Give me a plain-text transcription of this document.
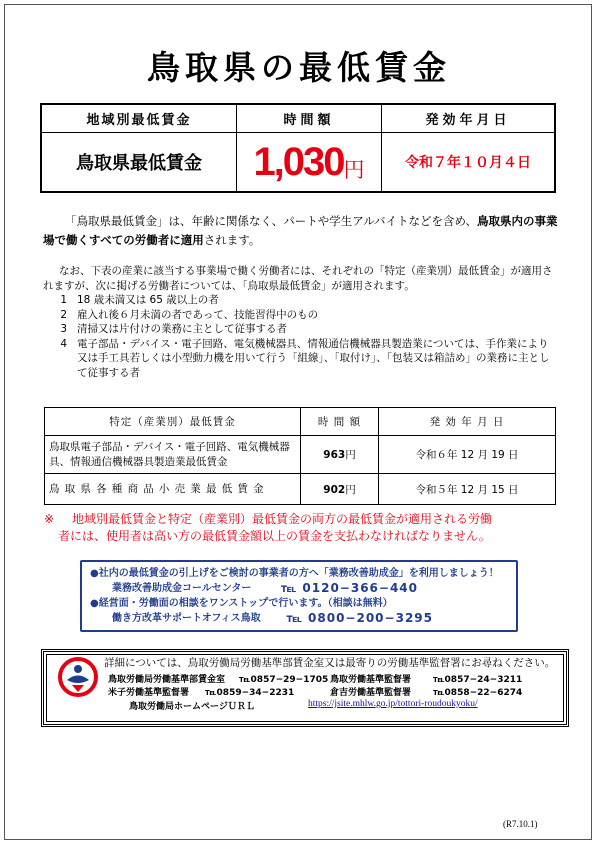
鳥取県の最低賃金
地域別最低賃金	時間額	発効年月日
鳥取県最低賃金	1,030 円	令和７年１０月４日
「鳥取県最低賃金」は、年齢に関係なく、パートや学生アルバイトなどを含め、鳥取県内の事業場で働くすべての労働者に適用されます。
なお、下表の産業に該当する事業場で働く労働者には、それぞれの「特定（産業別）最低賃金」が適用されますが、次に掲げる労働者については、「鳥取県最低賃金」が適用されます。
1 18 歳未満又は 65 歳以上の者
2 雇入れ後６月未満の者であって、技能習得中のもの
3 清掃又は片付けの業務に主として従事する者
4 電子部品・デバイス・電子回路、電気機械器具、情報通信機械器具製造業については、手作業により又は手工具若しくは小型動力機を用いて行う「組線」、「取付け」、「包装又は箱詰め」の業務に主として従事する者
特定（産業別）最低賃金	時 間 額	発 効 年 月 日
鳥取県電子部品・デバイス・電子回路、電気機械器具、情報通信機械器具製造業最低賃金	963円	令和６年 12 月 19 日
鳥取県各種商品小売業最低賃金	902円	令和５年 12 月 15 日
※ 地域別最低賃金と特定（産業別）最低賃金の両方の最低賃金が適用される労働
者には、使用者は高い方の最低賃金額以上の賃金を支払わなければなりません。
●社内の最低賃金の引上げをご検討の事業者の方へ「業務改善助成金」を利用しましょう！
業務改善助成金コールセンター ℡ 0120−366−440
●経営面・労働面の相談をワンストップで行います。（相談は無料）
働き方改革サポートオフィス鳥取 ℡ 0800−200−3295
詳細については、鳥取労働局労働基準部賃金室又は最寄りの労働基準監督署にお尋ねください。
鳥取労働局労働基準部賃金室 ℡0857−29−1705 鳥取労働基準監督署 ℡0857−24−3211
米子労働基準監督署 ℡0859−34−2231	倉吉労働基準監督署 ℡0858−22−6274
鳥取労働局ホームページＵＲＬ	https://jsite.mhlw.go.jp/tottori-roudoukyoku/
(R7.10.1)
